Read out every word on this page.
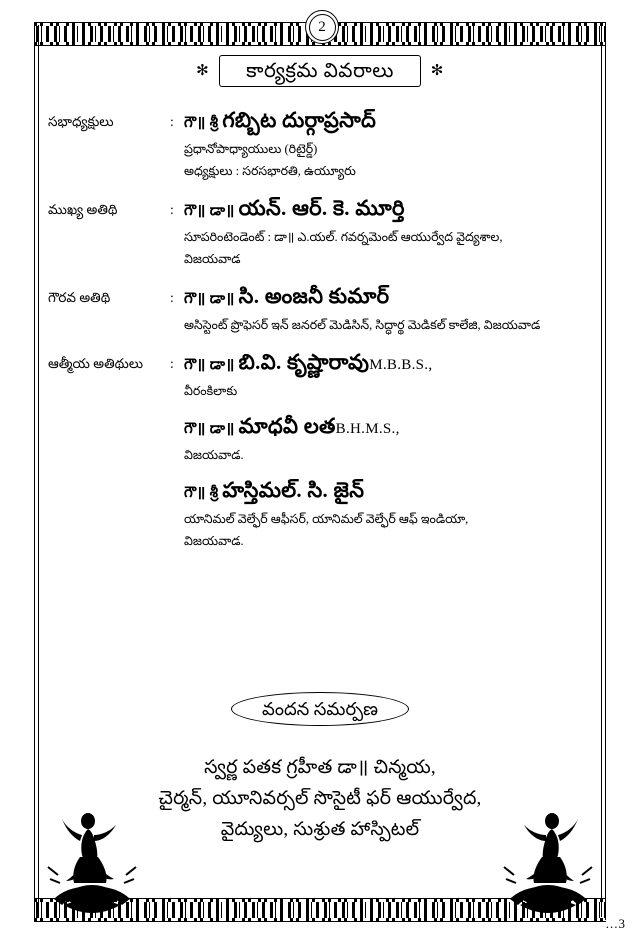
2
✻ కార్యక్రమ వివరాలు ✻
సభాధ్యక్షులు	: గౌ॥ శ్రీ గబ్బిట దుర్గాప్రసాద్
ప్రధానోపాధ్యాయులు (రిటైర్డ్)
అధ్యక్షులు : సరసభారతి, ఉయ్యూరు
ముఖ్య అతిథి	: గౌ॥ డా॥ యన్. ఆర్. కె. మూర్తి
సూపరింటెండెంట్ : డా॥ ఎ.యల్. గవర్నమెంట్ ఆయుర్వేద వైద్యశాల,
విజయవాడ
గౌరవ అతిథి	: గౌ॥ డా॥ సి. అంజనీ కుమార్
అసిస్టెంట్ ప్రొఫెసర్ ఇన్ జనరల్ మెడిసిన్, సిద్ధార్థ మెడికల్ కాలేజి, విజయవాడ
ఆత్మీయ అతిథులు	: గౌ॥ డా॥ బి.వి. కృష్ణారావుM.B.B.S.,
వీరంకిలాకు
గౌ॥ డా॥ మాధవీ లతB.H.M.S.,
విజయవాడ.
గౌ॥ శ్రీ హస్తిమల్. సి. జైన్
యానిమల్ వెల్ఫేర్ ఆఫీసర్, యానిమల్ వెల్ఫేర్ ఆఫ్ ఇండియా,
విజయవాడ.
వందన సమర్పణ
స్వర్ణ పతక గ్రహీత డా॥ చిన్మయ,
చైర్మన్, యూనివర్సల్ సొసైటీ ఫర్ ఆయుర్వేద,
వైద్యులు, సుశ్రుత హాస్పిటల్
...3
